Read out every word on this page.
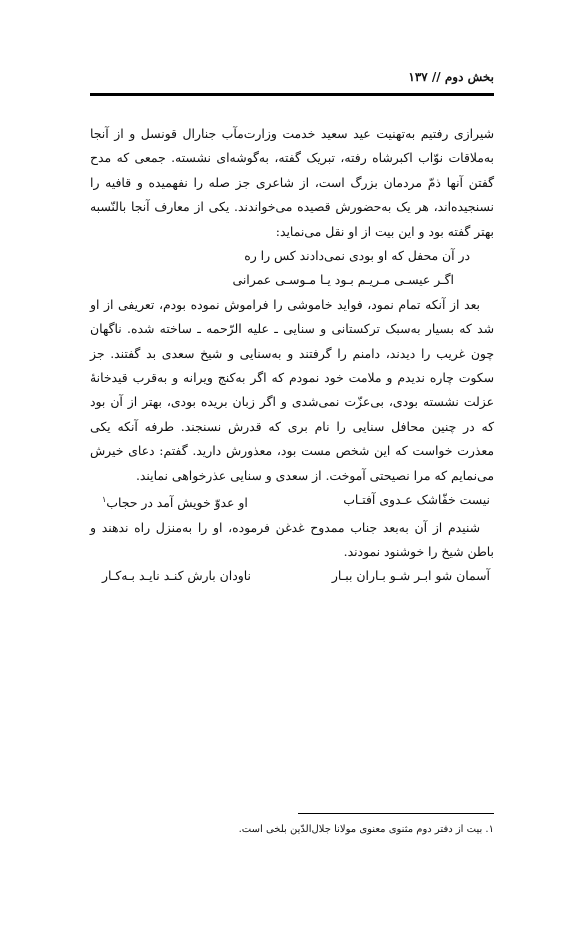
بخش دوم // ۱۳۷

شیرازی رفتیم به‌تهنیت عید سعید خدمت وزارت‌مآب جنارال قونسل و از آنجا به‌ملاقات نوّاب اکبرشاه رفته، تبریک گفته، به‌گوشه‌ای نشسته. جمعی که مدح گفتن آنها ذمّ مردمان بزرگ است، از شاعری جز صله را نفهمیده و قافیه را نسنجیده‌اند، هر یک به‌حضورش قصیده می‌خواندند. یکی از معارف آنجا بالنّسبه بهتر گفته بود و این بیت از او نقل می‌نماید:

در آن محفل که او بودی نمی‌دادند کس را ره

اگـر عیسـی مـریـم بـود یـا مـوسـی عمرانی

بعد از آنکه تمام نمود، فواید خاموشی را فراموش نموده بودم، تعریفی از او شد که بسیار به‌سبک ترکستانی و سنایی ـ علیه الرّحمه ـ ساخته شده. ناگهان چون غریب را دیدند، دامنم را گرفتند و به‌سنایی و شیخ سعدی بد گفتند. جز سکوت چاره ندیدم و ملامت خود نمودم که اگر به‌کنج ویرانه و به‌قرب قیدخانهٔ عزلت نشسته بودی، بی‌عزّت نمی‌شدی و اگر زبان بریده بودی، بهتر از آن بود که در چنین محافل سنایی را نام بری که قدرش نسنجند. طرفه آنکه یکی معذرت خواست که این شخص مست بود، معذورش دارید. گفتم: دعای خیرش می‌نمایم که مرا نصیحتی آموخت. از سعدی و سنایی عذرخواهی نمایند.

نیست خفّاشک عـدوی آفتـاب
او عدوّ خویش آمد در حجاب$^۱$

شنیدم از آن به‌بعد جناب ممدوح غدغن فرموده، او را به‌منزل راه ندهند و باطن شیخ را خوشنود نمودند.

آسمان شو ابـر شـو بـاران ببـار
ناودان بارش کنـد نایـد بـه‌کـار
۱. بیت از دفتر دوم مثنوی معنوی مولانا جلال‌الدّین بلخی است.
